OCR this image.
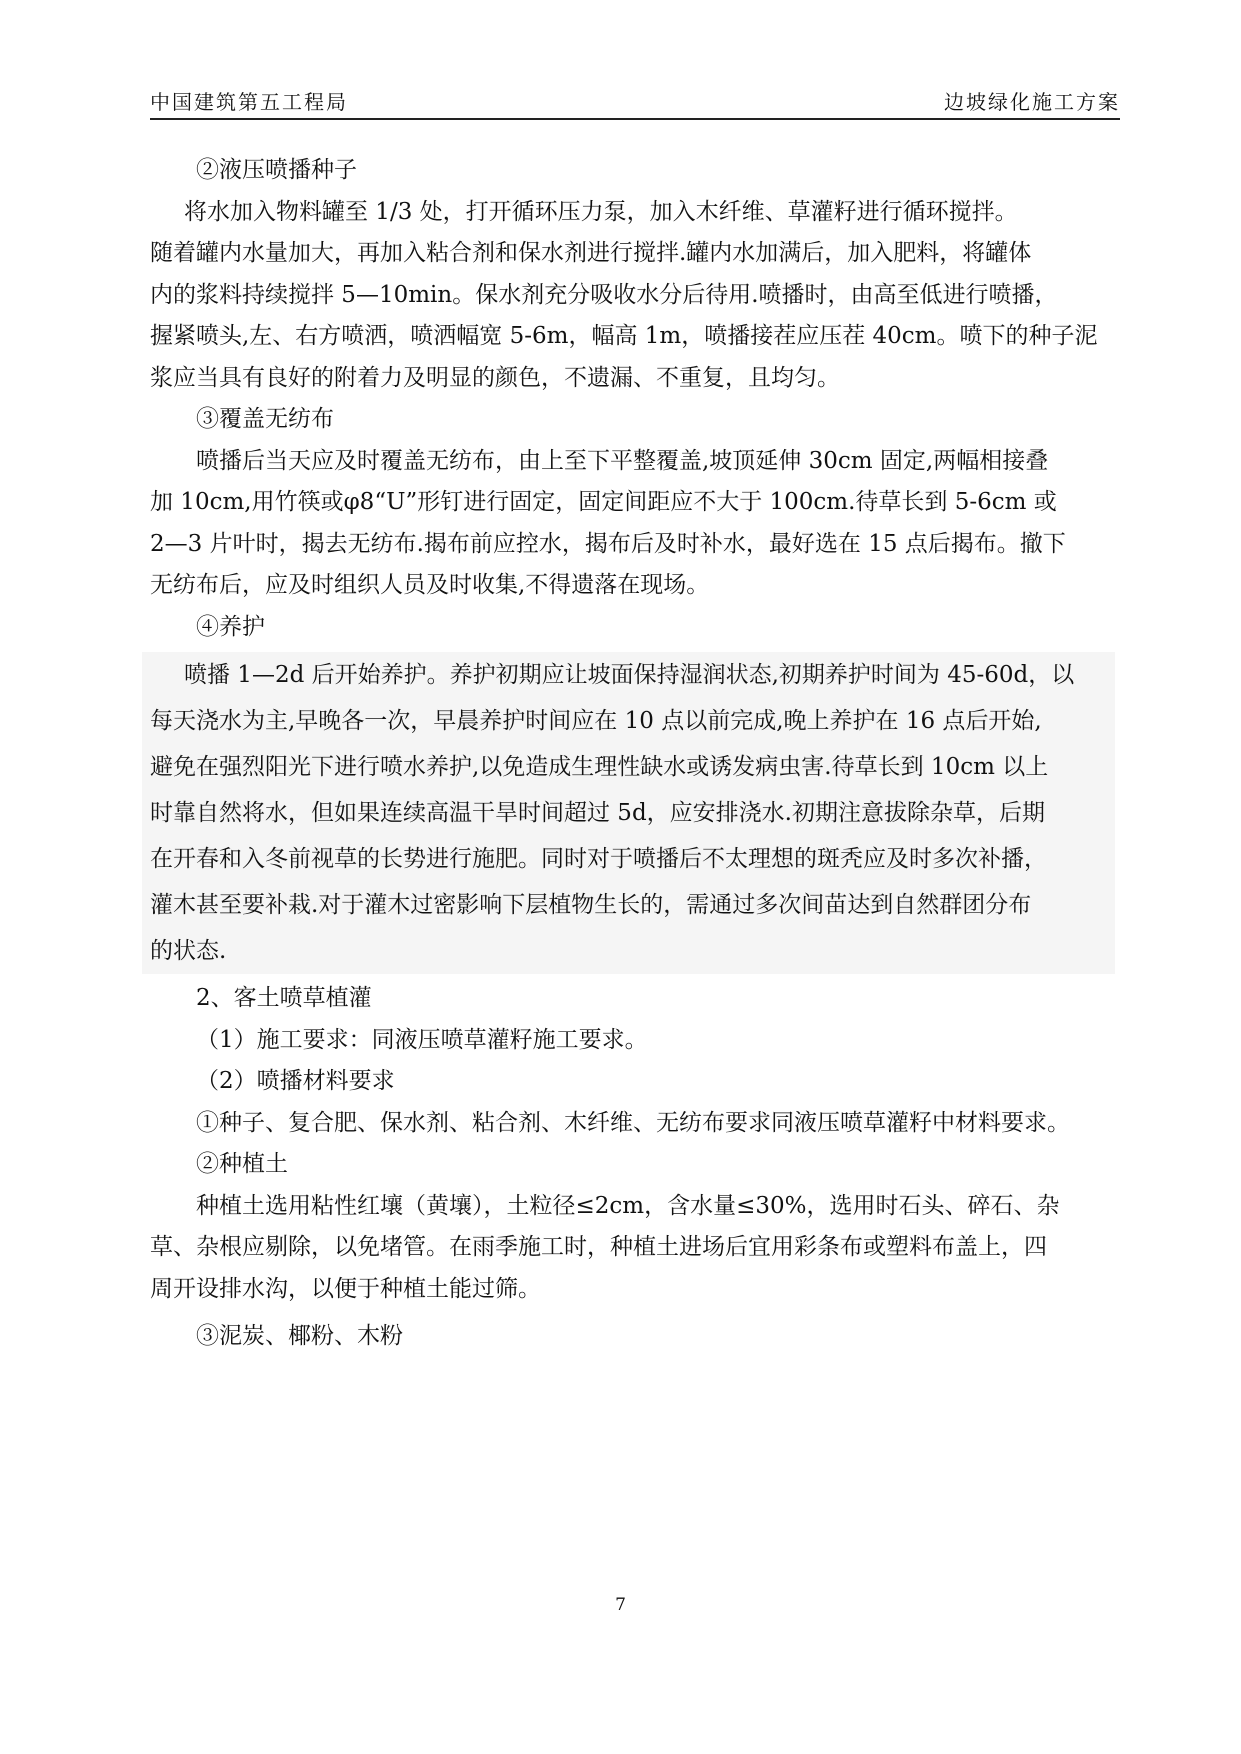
中国建筑第五工程局	边坡绿化施工方案

②液压喷播种子

将水加入物料罐至 1/3 处，打开循环压力泵，加入木纤维、草灌籽进行循环搅拌。

随着罐内水量加大，再加入粘合剂和保水剂进行搅拌.罐内水加满后，加入肥料，将罐体

内的浆料持续搅拌 5—10min。保水剂充分吸收水分后待用.喷播时，由高至低进行喷播，

握紧喷头,左、右方喷洒，喷洒幅宽 5-6m，幅高 1m，喷播接茬应压茬 40cm。喷下的种子泥

浆应当具有良好的附着力及明显的颜色，不遗漏、不重复，且均匀。

③覆盖无纺布

喷播后当天应及时覆盖无纺布，由上至下平整覆盖,坡顶延伸 30cm 固定,两幅相接叠

加 10cm,用竹筷或φ8“U”形钉进行固定，固定间距应不大于 100cm.待草长到 5-6cm 或

2—3 片叶时，揭去无纺布.揭布前应控水，揭布后及时补水，最好选在 15 点后揭布。撤下

无纺布后，应及时组织人员及时收集,不得遗落在现场。

④养护

喷播 1—2d 后开始养护。养护初期应让坡面保持湿润状态,初期养护时间为 45-60d，以

每天浇水为主,早晚各一次，早晨养护时间应在 10 点以前完成,晚上养护在 16 点后开始,

避免在强烈阳光下进行喷水养护,以免造成生理性缺水或诱发病虫害.待草长到 10cm 以上

时靠自然将水，但如果连续高温干旱时间超过 5d，应安排浇水.初期注意拔除杂草，后期

在开春和入冬前视草的长势进行施肥。同时对于喷播后不太理想的斑秃应及时多次补播，

灌木甚至要补栽.对于灌木过密影响下层植物生长的，需通过多次间苗达到自然群团分布

的状态.

2、客土喷草植灌

（1）施工要求：同液压喷草灌籽施工要求。

（2）喷播材料要求

①种子、复合肥、保水剂、粘合剂、木纤维、无纺布要求同液压喷草灌籽中材料要求。

②种植土

种植土选用粘性红壤（黄壤），土粒径≤2cm，含水量≤30%，选用时石头、碎石、杂

草、杂根应剔除，以免堵管。在雨季施工时，种植土进场后宜用彩条布或塑料布盖上，四

周开设排水沟，以便于种植土能过筛。

③泥炭、椰粉、木粉

7
